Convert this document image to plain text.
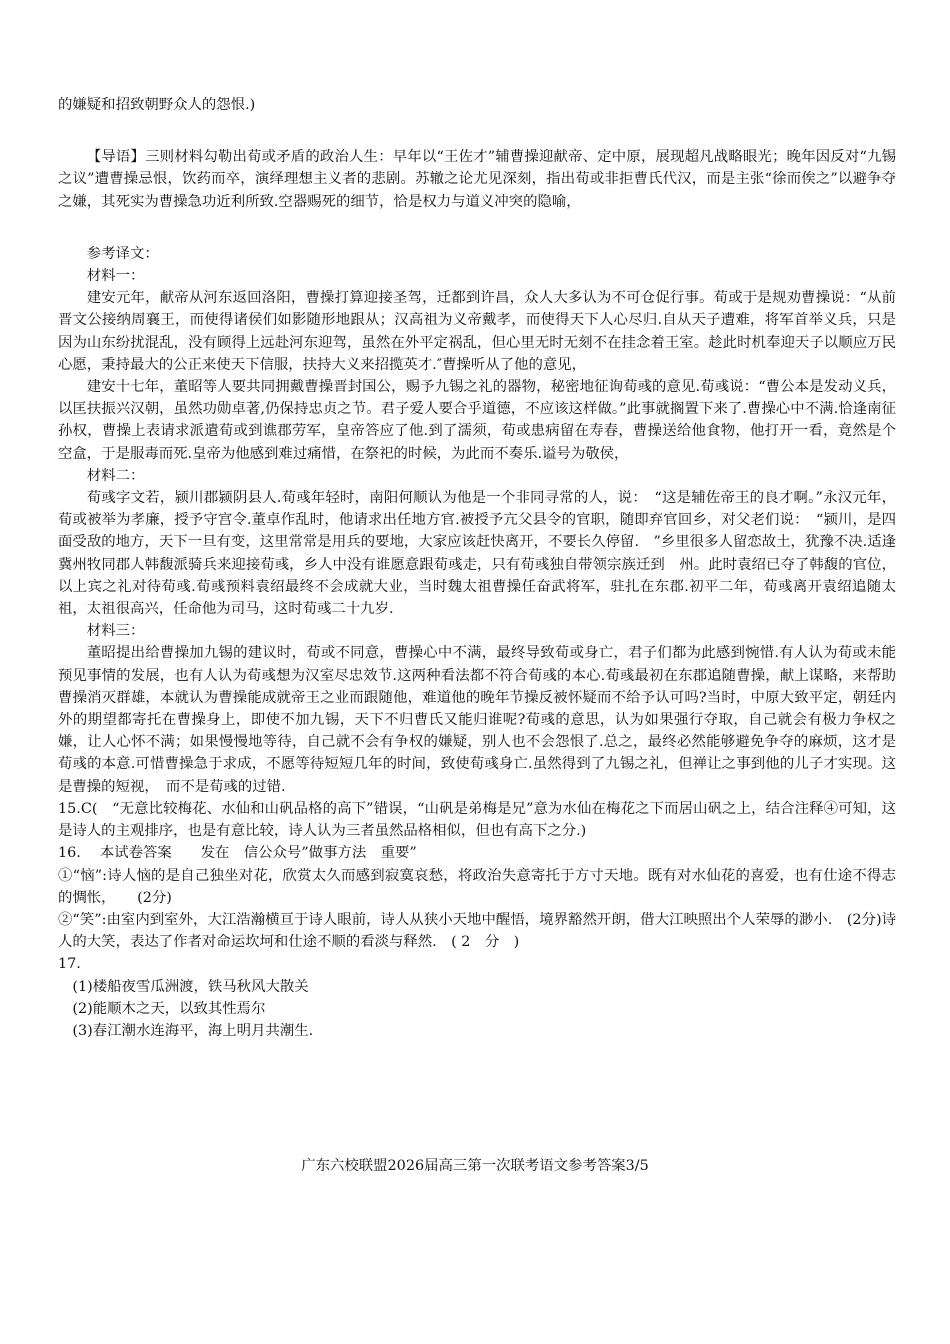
的嫌疑和招致朝野众人的怨恨.)

【导语】三则材料勾勒出荀或矛盾的政治人生：早年以“王佐才”辅曹操迎献帝、定中原，展现超凡战略眼光；晚年因反对“九锡之议”遭曹操忌恨，饮药而卒，演绎理想主义者的悲剧。苏辙之论尤见深刻，指出荀或非拒曹氏代汉，而是主张“徐而俟之”以避争夺之嫌，其死实为曹操急功近利所致.空器赐死的细节，恰是权力与道义冲突的隐喻，

参考译文：

材料一：

建安元年，献帝从河东返回洛阳，曹操打算迎接圣驾，迁都到许昌，众人大多认为不可仓促行事。荀或于是规劝曹操说：“从前晋文公接纳周襄王，而使得诸侯们如影随形地跟从；汉高祖为义帝戴孝，而使得天下人心尽归.自从天子遭难，将军首举义兵，只是因为山东纷扰混乱，没有顾得上远赴河东迎驾，虽然在外平定祸乱，但心里无时无刻不在挂念着王室。趁此时机奉迎天子以顺应万民心愿，秉持最大的公正来使天下信服，扶持大义来招揽英才.″曹操听从了他的意见，

建安十七年，董昭等人要共同拥戴曹操晋封国公，赐予九锡之礼的器物，秘密地征询荀彧的意见.荀彧说：“曹公本是发动义兵，以匡扶振兴汉朝，虽然功勋卓著,仍保持忠贞之节。君子爱人要合乎道德，不应该这样做。”此事就搁置下来了.曹操心中不满.恰逢南征孙权，曹操上表请求派遣荀或到谯郡劳军，皇帝答应了他.到了濡须，荀或患病留在寿春，曹操送给他食物，他打开一看，竟然是个空盒，于是服毒而死.皇帝为他感到难过痛惜，在祭祀的时候，为此而不奏乐.谥号为敬侯，

材料二：

荀彧字文若，颍川郡颍阴县人.荀彧年轻时，南阳何顺认为他是一个非同寻常的人，说：　“这是辅佐帝王的良才啊。”永汉元年，荀或被举为孝廉，授予守宫令.董卓作乱时，他请求出任地方官.被授予亢父县令的官职，随即弃官回乡，对父老们说：　“颍川，是四面受敌的地方，天下一旦有变，这里常常是用兵的要地，大家应该赶快离开，不要长久停留.　”乡里很多人留恋故土，犹豫不决.适逢冀州牧同郡人韩馥派骑兵来迎接荀彧，乡人中没有谁愿意跟荀彧走，只有荀彧独自带领宗族迁到　州。此时袁绍已夺了韩馥的官位，以上宾之礼对待荀彧.荀彧预料袁绍最终不会成就大业，当时魏太祖曹操任奋武将军，驻扎在东郡.初平二年，荀彧离开袁绍追随太祖，太祖很高兴，任命他为司马，这时荀彧二十九岁.

材料三：

董昭提出给曹操加九锡的建议时，荀或不同意，曹操心中不满，最终导致荀或身亡，君子们都为此感到惋惜.有人认为荀或未能预见事情的发展，也有人认为荀彧想为汉室尽忠效节.这两种看法都不符合荀彧的本心.荀彧最初在东郡追随曹操，献上谋略，来帮助曹操消灭群雄，本就认为曹操能成就帝王之业而跟随他，难道他的晚年节操反被怀疑而不给予认可吗?当时，中原大致平定，朝廷内外的期望都寄托在曹操身上，即使不加九锡，天下不归曹氏又能归谁呢?荀彧的意思，认为如果强行夺取，自己就会有极力争权之嫌，让人心怀不满；如果慢慢地等待，自己就不会有争权的嫌疑，别人也不会怨恨了.总之，最终必然能够避免争夺的麻烦，这才是荀彧的本意.可惜曹操急于求成，不愿等待短短几年的时间，致使荀彧身亡.虽然得到了九锡之礼，但禅让之事到他的儿子才实现。这是曹操的短视，　而不是荀彧的过错.

15.C(　“无意比较梅花、水仙和山矾品格的高下”错误，“山矾是弟梅是兄”意为水仙在梅花之下而居山矾之上，结合注释④可知，这是诗人的主观排序，也是有意比较，诗人认为三者虽然品格相似，但也有高下之分.)

16.　 本试卷答案　　发在　信公众号”做事方法　重要”

①“恼”:诗人恼的是自己独坐对花，欣赏太久而感到寂寞哀愁，将政治失意寄托于方寸天地。既有对水仙花的喜爱，也有仕途不得志的惆怅，　　(2分)

②“笑”:由室内到室外，大江浩瀚横亘于诗人眼前，诗人从狭小天地中醒悟，境界豁然开朗，借大江映照出个人荣辱的渺小.　(2分)诗人的大笑，表达了作者对命运坎坷和仕途不顺的看淡与释然.　( 2　分　)

17.

(1)楼船夜雪瓜洲渡，铁马秋风大散关

(2)能顺木之天，以致其性焉尔

(3)春江潮水连海平，海上明月共潮生.

广东六校联盟2026届高三第一次联考语文参考答案3/5
